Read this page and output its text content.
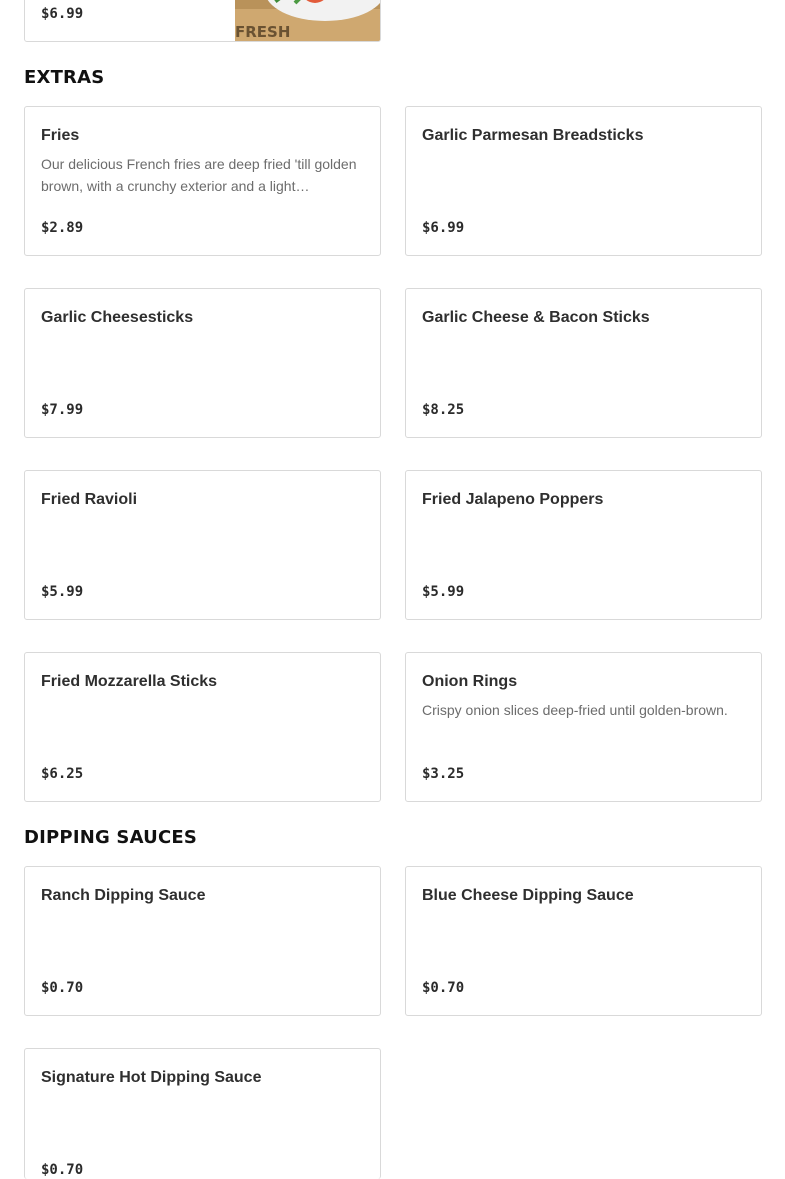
$6.99
FRESH
EXTRAS
Fries
Our delicious French fries are deep fried 'till golden brown, with a crunchy exterior and a light…
$2.89
Garlic Parmesan Breadsticks
$6.99
Garlic Cheesesticks
$7.99
Garlic Cheese & Bacon Sticks
$8.25
Fried Ravioli
$5.99
Fried Jalapeno Poppers
$5.99
Fried Mozzarella Sticks
$6.25
Onion Rings
Crispy onion slices deep-fried until golden-brown.
$3.25
DIPPING SAUCES
Ranch Dipping Sauce
$0.70
Blue Cheese Dipping Sauce
$0.70
Signature Hot Dipping Sauce
$0.70
